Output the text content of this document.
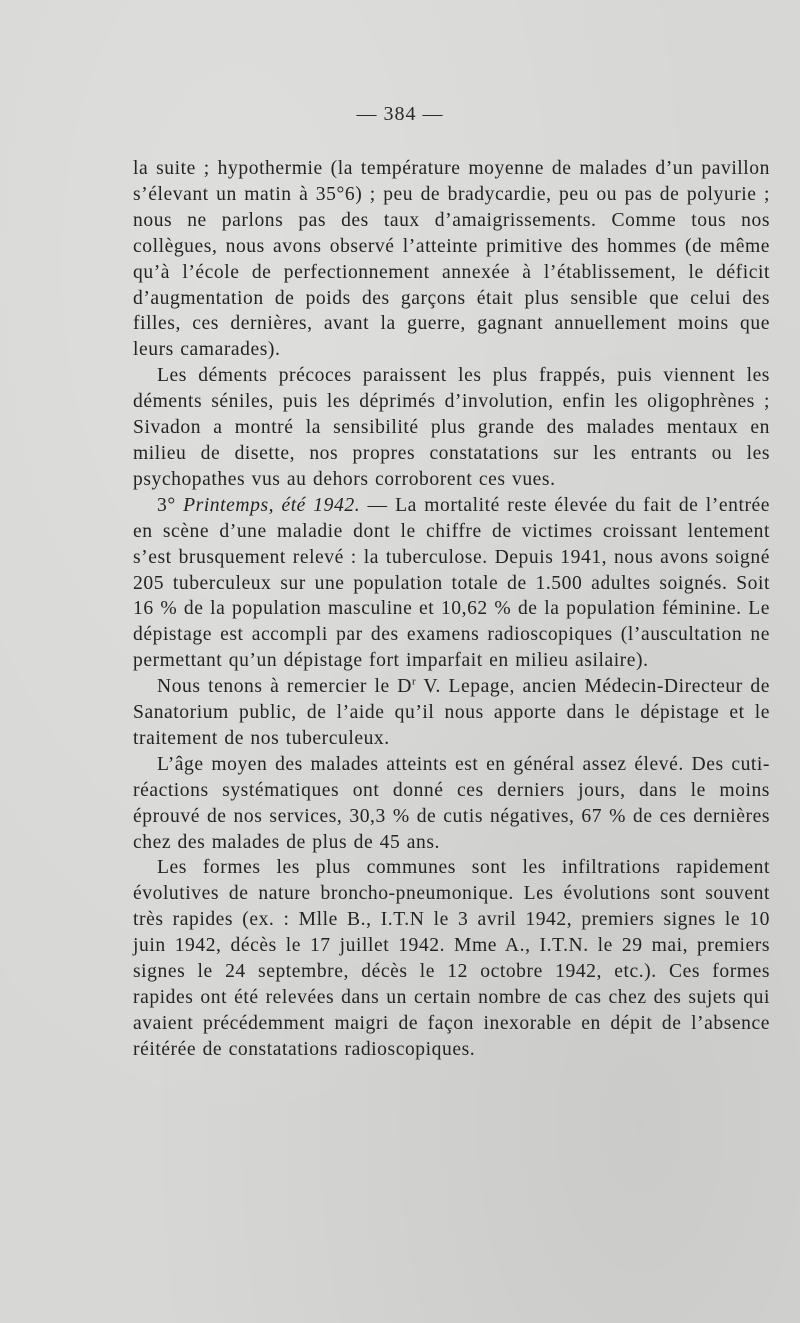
— 384 —

la suite ; hypothermie (la température moyenne de malades d’un pavillon s’élevant un matin à 35°6) ; peu de bradycardie, peu ou pas de polyurie ; nous ne parlons pas des taux d’amaigrissements. Comme tous nos collègues, nous avons observé l’atteinte primitive des hommes (de même qu’à l’école de perfectionnement annexée à l’établissement, le déficit d’augmentation de poids des garçons était plus sensible que celui des filles, ces dernières, avant la guerre, gagnant annuellement moins que leurs camarades).

Les déments précoces paraissent les plus frappés, puis viennent les déments séniles, puis les déprimés d’involution, enfin les oligophrènes ; Sivadon a montré la sensibilité plus grande des malades mentaux en milieu de disette, nos propres constatations sur les entrants ou les psychopathes vus au dehors corroborent ces vues.

3° Printemps, été 1942. — La mortalité reste élevée du fait de l’entrée en scène d’une maladie dont le chiffre de victimes croissant lentement s’est brusquement relevé : la tuberculose. Depuis 1941, nous avons soigné 205 tuberculeux sur une population totale de 1.500 adultes soignés. Soit 16 % de la population masculine et 10,62 % de la population féminine. Le dépistage est accompli par des examens radioscopiques (l’auscultation ne permettant qu’un dépistage fort imparfait en milieu asilaire).

Nous tenons à remercier le $D^r$ V. Lepage, ancien Médecin-Directeur de Sanatorium public, de l’aide qu’il nous apporte dans le dépistage et le traitement de nos tuberculeux.

L’âge moyen des malades atteints est en général assez élevé. Des cuti-réactions systématiques ont donné ces derniers jours, dans le moins éprouvé de nos services, 30,3 % de cutis négatives, 67 % de ces dernières chez des malades de plus de 45 ans.

Les formes les plus communes sont les infiltrations rapidement évolutives de nature broncho-pneumonique. Les évolutions sont souvent très rapides (ex. : Mlle B., I.T.N le 3 avril 1942, premiers signes le 10 juin 1942, décès le 17 juillet 1942. Mme A., I.T.N. le 29 mai, premiers signes le 24 septembre, décès le 12 octobre 1942, etc.). Ces formes rapides ont été relevées dans un certain nombre de cas chez des sujets qui avaient précédemment maigri de façon inexorable en dépit de l’absence réitérée de constatations radioscopiques.
